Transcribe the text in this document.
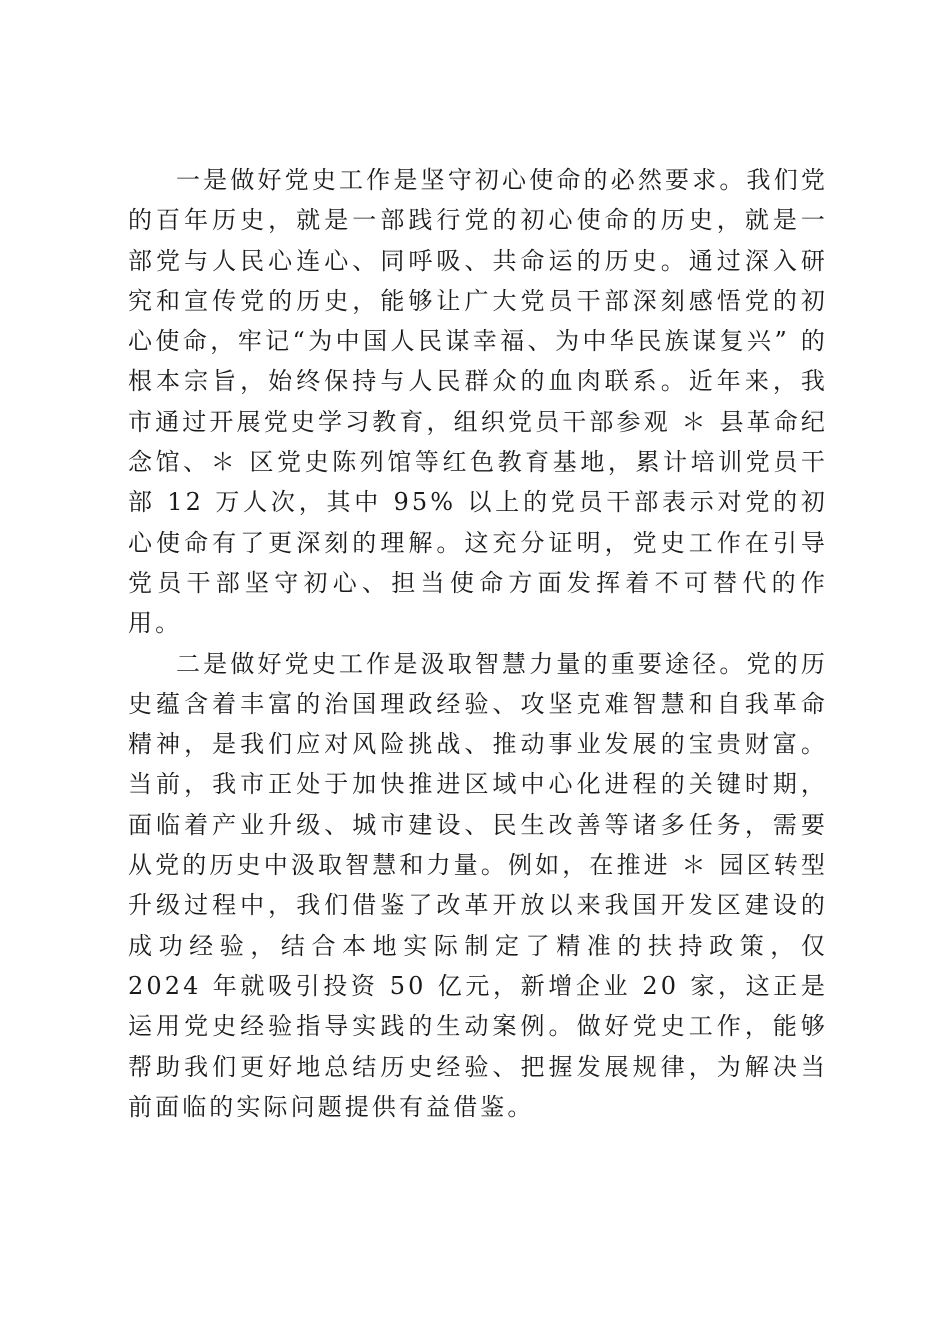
一是做好党史工作是坚守初心使命的必然要求。我们党的百年历史，就是一部践行党的初心使命的历史，就是一部党与人民心连心、同呼吸、共命运的历史。通过深入研究和宣传党的历史，能够让广大党员干部深刻感悟党的初心使命，牢记“为中国人民谋幸福、为中华民族谋复兴” 的根本宗旨，始终保持与人民群众的血肉联系。近年来，我市通过开展党史学习教育，组织党员干部参观 ＊ 县革命纪念馆、＊ 区党史陈列馆等红色教育基地，累计培训党员干部 12 万人次，其中 95% 以上的党员干部表示对党的初心使命有了更深刻的理解。这充分证明，党史工作在引导党员干部坚守初心、担当使命方面发挥着不可替代的作用。

二是做好党史工作是汲取智慧力量的重要途径。党的历史蕴含着丰富的治国理政经验、攻坚克难智慧和自我革命精神，是我们应对风险挑战、推动事业发展的宝贵财富。当前，我市正处于加快推进区域中心化进程的关键时期，面临着产业升级、城市建设、民生改善等诸多任务，需要从党的历史中汲取智慧和力量。例如，在推进 ＊ 园区转型升级过程中，我们借鉴了改革开放以来我国开发区建设的成功经验，结合本地实际制定了精准的扶持政策，仅 2024 年就吸引投资 50 亿元，新增企业 20 家，这正是运用党史经验指导实践的生动案例。做好党史工作，能够帮助我们更好地总结历史经验、把握发展规律，为解决当前面临的实际问题提供有益借鉴。
